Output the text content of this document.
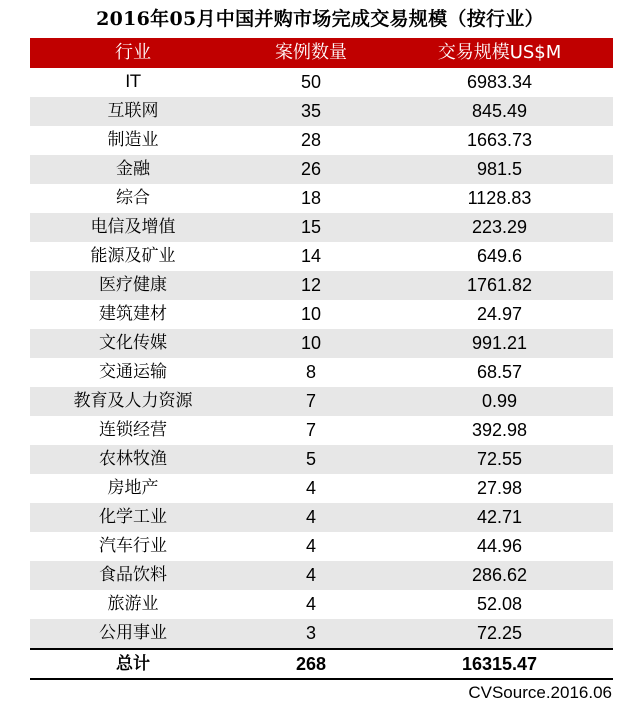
2016年05月中国并购市场完成交易规模（按行业）
行业	案例数量	交易规模US$M
IT	50	6983.34
互联网	35	845.49
制造业	28	1663.73
金融	26	981.5
综合	18	1128.83
电信及增值	15	223.29
能源及矿业	14	649.6
医疗健康	12	1761.82
建筑建材	10	24.97
文化传媒	10	991.21
交通运输	8	68.57
教育及人力资源	7	0.99
连锁经营	7	392.98
农林牧渔	5	72.55
房地产	4	27.98
化学工业	4	42.71
汽车行业	4	44.96
食品饮料	4	286.62
旅游业	4	52.08
公用事业	3	72.25
总计	268	16315.47
CVSource.2016.06
